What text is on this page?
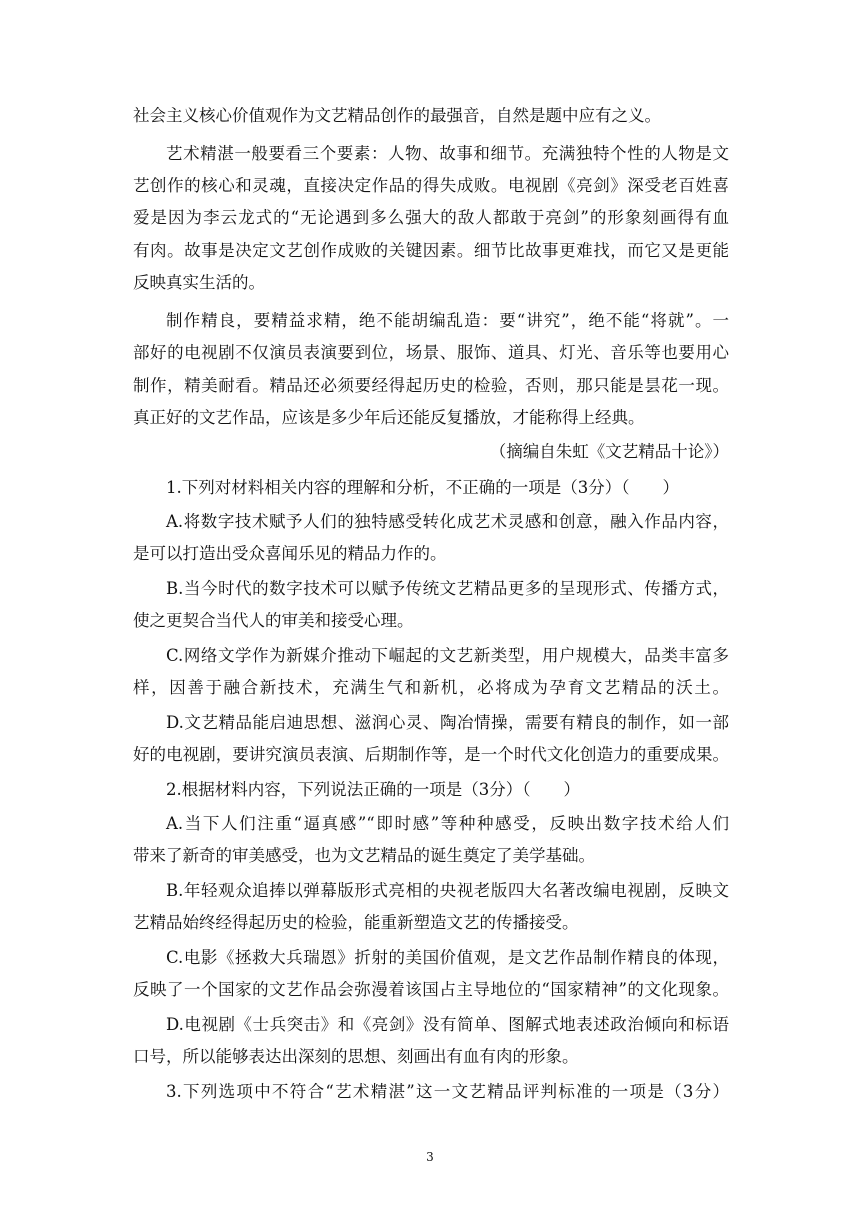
社会主义核心价值观作为文艺精品创作的最强音，自然是题中应有之义。
艺术精湛一般要看三个要素：人物、故事和细节。充满独特个性的人物是文
艺创作的核心和灵魂，直接决定作品的得失成败。电视剧《亮剑》深受老百姓喜
爱是因为李云龙式的“无论遇到多么强大的敌人都敢于亮剑”的形象刻画得有血
有肉。故事是决定文艺创作成败的关键因素。细节比故事更难找，而它又是更能
反映真实生活的。
制作精良，要精益求精，绝不能胡编乱造：要“讲究”，绝不能“将就”。一
部好的电视剧不仅演员表演要到位，场景、服饰、道具、灯光、音乐等也要用心
制作，精美耐看。精品还必须要经得起历史的检验，否则，那只能是昙花一现。
真正好的文艺作品，应该是多少年后还能反复播放，才能称得上经典。
（摘编自朱虹《文艺精品十论》）
1.下列对材料相关内容的理解和分析，不正确的一项是（3分）（　　）
A.将数字技术赋予人们的独特感受转化成艺术灵感和创意，融入作品内容，
是可以打造出受众喜闻乐见的精品力作的。
B.当今时代的数字技术可以赋予传统文艺精品更多的呈现形式、传播方式，
使之更契合当代人的审美和接受心理。
C.网络文学作为新媒介推动下崛起的文艺新类型，用户规模大，品类丰富多
样，因善于融合新技术，充满生气和新机，必将成为孕育文艺精品的沃土。
D.文艺精品能启迪思想、滋润心灵、陶冶情操，需要有精良的制作，如一部
好的电视剧，要讲究演员表演、后期制作等，是一个时代文化创造力的重要成果。
2.根据材料内容，下列说法正确的一项是（3分）（　　）
A.当下人们注重“逼真感”“即时感”等种种感受，反映出数字技术给人们
带来了新奇的审美感受，也为文艺精品的诞生奠定了美学基础。
B.年轻观众追捧以弹幕版形式亮相的央视老版四大名著改编电视剧，反映文
艺精品始终经得起历史的检验，能重新塑造文艺的传播接受。
C.电影《拯救大兵瑞恩》折射的美国价值观，是文艺作品制作精良的体现，
反映了一个国家的文艺作品会弥漫着该国占主导地位的“国家精神”的文化现象。
D.电视剧《士兵突击》和《亮剑》没有简单、图解式地表述政治倾向和标语
口号，所以能够表达出深刻的思想、刻画出有血有肉的形象。
3.下列选项中不符合“艺术精湛”这一文艺精品评判标准的一项是（3分）
3
